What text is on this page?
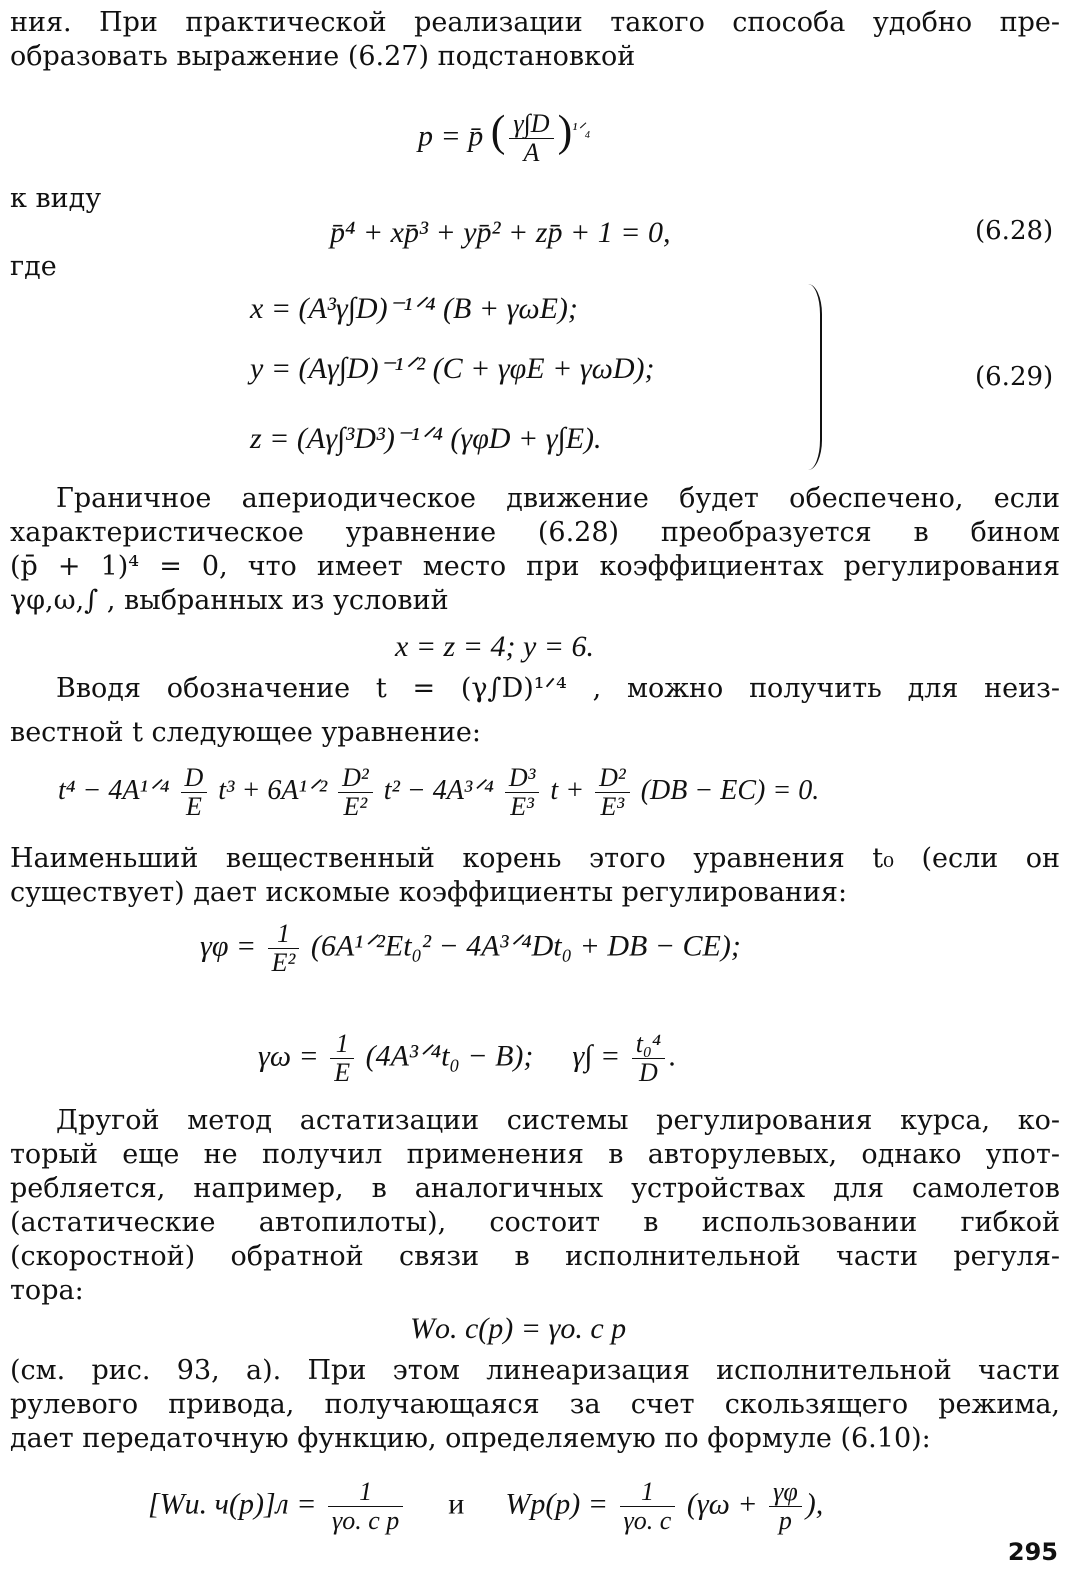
ния. При практической реализации такого способа удобно пре-
образовать выражение (6.27) подстановкой
p = p̄ ( $\frac{\gamma\int D}{A} )^{^1ᐟ_4}$
к виду
p̄⁴ + xp̄³ + yp̄² + zp̄ + 1 = 0,	(6.28)
где
x = (A³γ∫D)⁻¹ᐟ⁴ (B + γωE);
y = (Aγ∫D)⁻¹ᐟ² (C + γφE + γωD);
z = (Aγ∫³D³)⁻¹ᐟ⁴ (γφD + γ∫E).
(6.29)
Граничное апериодическое движение будет обеспечено, если
характеристическое уравнение (6.28) преобразуется в бином
(p̄ + 1)⁴ = 0, что имеет место при коэффициентах регулирования
γφ,ω,∫ , выбранных из условий
x = z = 4; y = 6.
Вводя обозначение t = (γ∫D)¹ᐟ⁴ , можно получить для неиз-
вестной t следующее уравнение:
t⁴ − 4A¹ᐟ⁴ $\frac{D}{E} t^3$ + 6A¹ᐟ² $\frac{\text{D²}}{\text{E²}} t^2$ − 4A³ᐟ⁴ $\frac{\text{D³}}{\text{E³}}$ $t + \frac{\text{D²}}{\text{E³}} (DB - EC) = 0$.
Наименьший вещественный корень этого уравнения t₀ (если он
существует) дает искомые коэффициенты регулирования:
$\gamma\varphi = \frac{1}{\text{E²}}$ (6A¹ᐟ²Et₀² − 4A³ᐟ⁴Dt₀ + DB − CE);
$\gamma\omega = \frac{1}{E}$ (4A³ᐟ⁴t₀ − B); $\gamma\int = \frac{\text{t₀⁴}}{D}$ .
Другой метод астатизации системы регулирования курса, ко-
торый еще не получил применения в авторулевых, однако упот-
ребляется, например, в аналогичных устройствах для самолетов
(астатические автопилоты), состоит в использовании гибкой
(скоростной) обратной связи в исполнительной части регуля-
тора:
Wо. с(p) = γо. с p
(см. рис. 93, а). При этом линеаризация исполнительной части
рулевого привода, получающаяся за счет скользящего режима,
дает передаточную функцию, определяемую по формуле (6.10):
[Wи. $ч(p)]л = \frac{1}{\text{γо. с p}}$ и $Wр(p) = \frac{1}{\gamma о. с} (\gamma\omega + \frac{\gamma\varphi}{p}$ ),
295
